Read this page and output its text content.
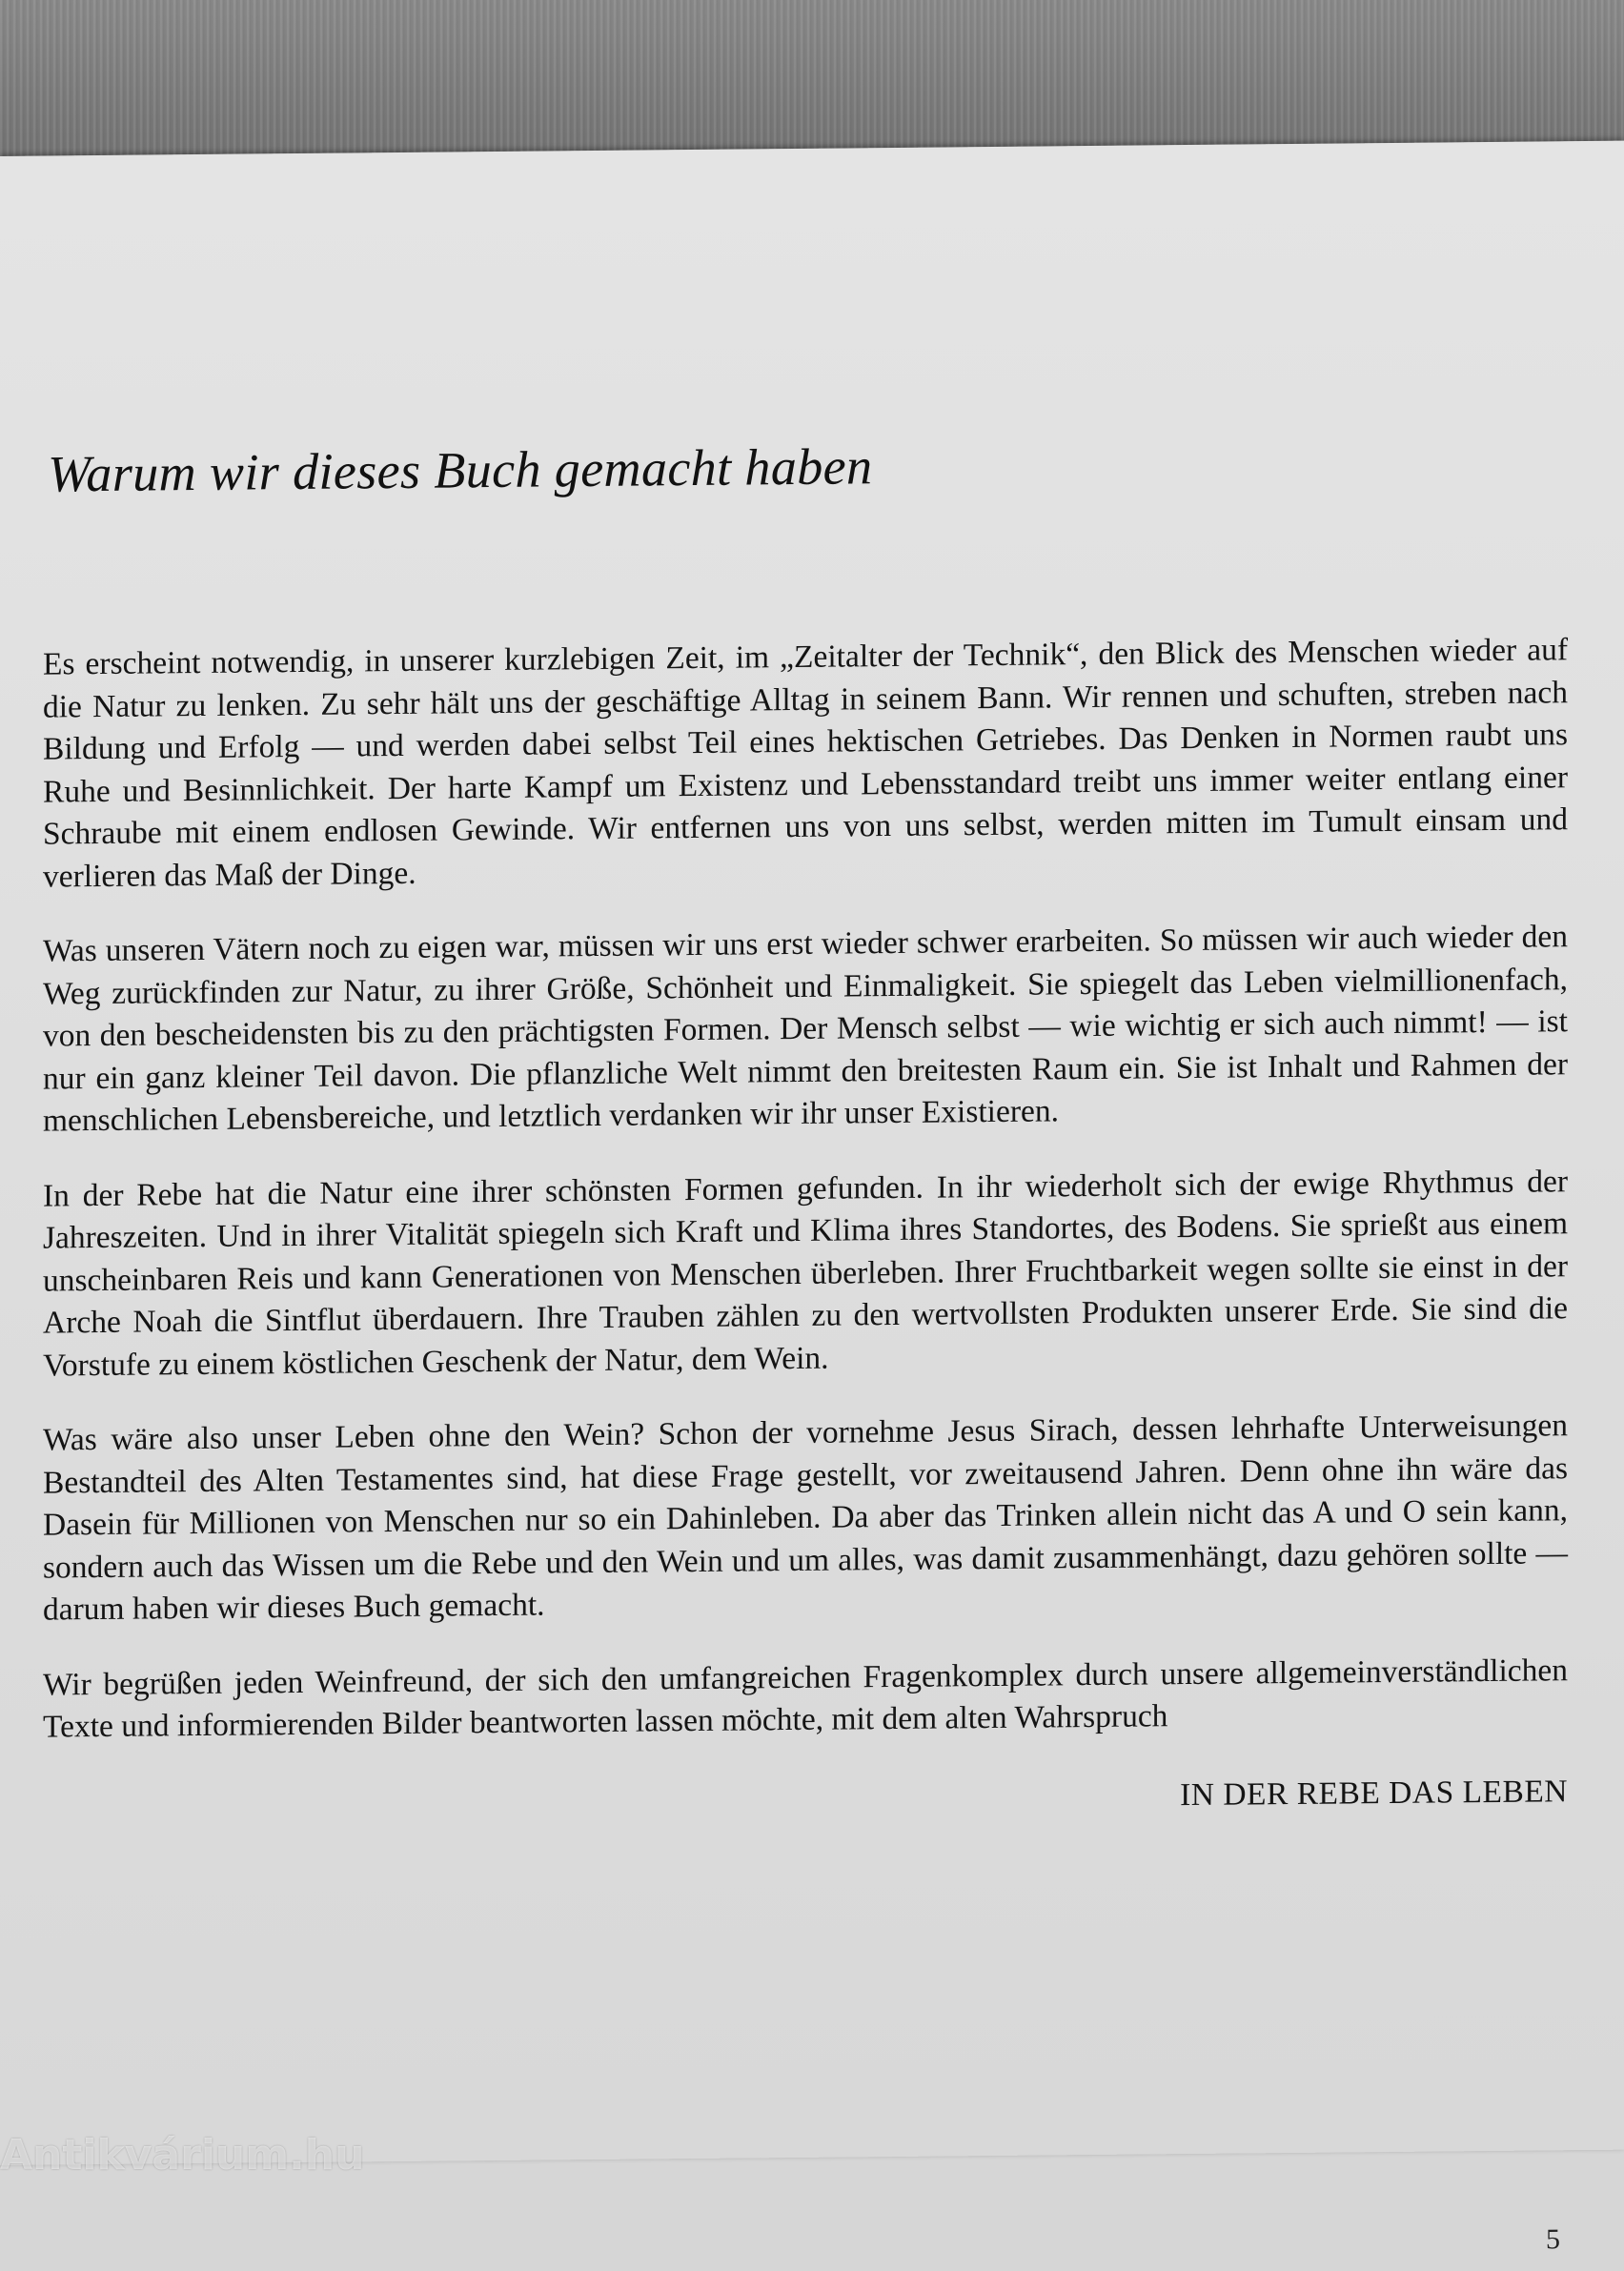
Warum wir dieses Buch gemacht haben

Es erscheint notwendig, in unserer kurzlebigen Zeit, im „Zeitalter der Technik“, den Blick des Menschen wieder auf die Natur zu lenken. Zu sehr hält uns der geschäftige Alltag in seinem Bann. Wir rennen und schuften, streben nach Bildung und Erfolg — und werden dabei selbst Teil eines hektischen Getriebes. Das Denken in Normen raubt uns Ruhe und Besinnlichkeit. Der harte Kampf um Existenz und Lebensstandard treibt uns immer weiter entlang einer Schraube mit einem endlosen Gewinde. Wir entfernen uns von uns selbst, werden mitten im Tumult einsam und verlieren das Maß der Dinge.

Was unseren Vätern noch zu eigen war, müssen wir uns erst wieder schwer erarbeiten. So müssen wir auch wieder den Weg zurückfinden zur Natur, zu ihrer Größe, Schönheit und Einmaligkeit. Sie spiegelt das Leben vielmillionenfach, von den bescheidensten bis zu den prächtigsten Formen. Der Mensch selbst — wie wichtig er sich auch nimmt! — ist nur ein ganz kleiner Teil davon. Die pflanzliche Welt nimmt den breitesten Raum ein. Sie ist Inhalt und Rahmen der menschlichen Lebensbereiche, und letztlich verdanken wir ihr unser Existieren.

In der Rebe hat die Natur eine ihrer schönsten Formen gefunden. In ihr wiederholt sich der ewige Rhythmus der Jahreszeiten. Und in ihrer Vitalität spiegeln sich Kraft und Klima ihres Standortes, des Bodens. Sie sprießt aus einem unscheinbaren Reis und kann Generationen von Menschen überleben. Ihrer Fruchtbarkeit wegen sollte sie einst in der Arche Noah die Sintflut überdauern. Ihre Trauben zählen zu den wertvollsten Produkten unserer Erde. Sie sind die Vorstufe zu einem köstlichen Geschenk der Natur, dem Wein.

Was wäre also unser Leben ohne den Wein? Schon der vornehme Jesus Sirach, dessen lehrhafte Unterweisungen Bestandteil des Alten Testamentes sind, hat diese Frage gestellt, vor zweitausend Jahren. Denn ohne ihn wäre das Dasein für Millionen von Menschen nur so ein Dahinleben. Da aber das Trinken allein nicht das A und O sein kann, sondern auch das Wissen um die Rebe und den Wein und um alles, was damit zusammenhängt, dazu gehören sollte — darum haben wir dieses Buch gemacht.

Wir begrüßen jeden Weinfreund, der sich den umfangreichen Fragenkomplex durch unsere allgemeinverständlichen Texte und informierenden Bilder beantworten lassen möchte, mit dem alten Wahrspruch

IN DER REBE DAS LEBEN

5
Antikvárium.hu
